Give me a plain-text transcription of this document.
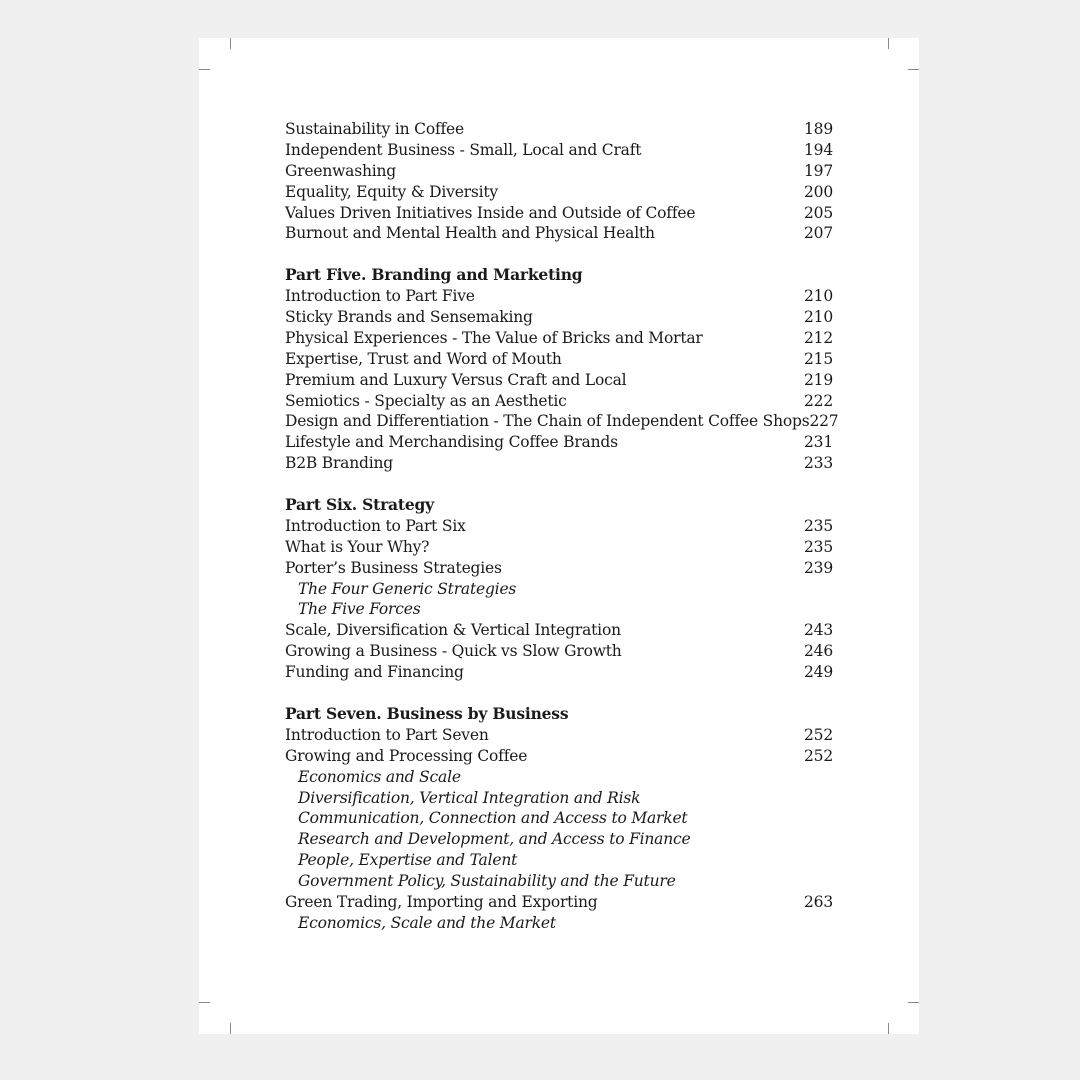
Sustainability in Coffee	189
Independent Business - Small, Local and Craft	194
Greenwashing	197
Equality, Equity & Diversity	200
Values Driven Initiatives Inside and Outside of Coffee	205
Burnout and Mental Health and Physical Health	207
Part Five. Branding and Marketing
Introduction to Part Five	210
Sticky Brands and Sensemaking	210
Physical Experiences - The Value of Bricks and Mortar	212
Expertise, Trust and Word of Mouth	215
Premium and Luxury Versus Craft and Local	219
Semiotics - Specialty as an Aesthetic	222
Design and Differentiation - The Chain of Independent Coffee Shops 227
Lifestyle and Merchandising Coffee Brands	231
B2B Branding	233
Part Six. Strategy
Introduction to Part Six	235
What is Your Why?	235
Porter’s Business Strategies	239
The Four Generic Strategies
The Five Forces
Scale, Diversification & Vertical Integration	243
Growing a Business - Quick vs Slow Growth	246
Funding and Financing	249
Part Seven. Business by Business
Introduction to Part Seven	252
Growing and Processing Coffee	252
Economics and Scale
Diversification, Vertical Integration and Risk
Communication, Connection and Access to Market
Research and Development, and Access to Finance
People, Expertise and Talent
Government Policy, Sustainability and the Future
Green Trading, Importing and Exporting	263
Economics, Scale and the Market
